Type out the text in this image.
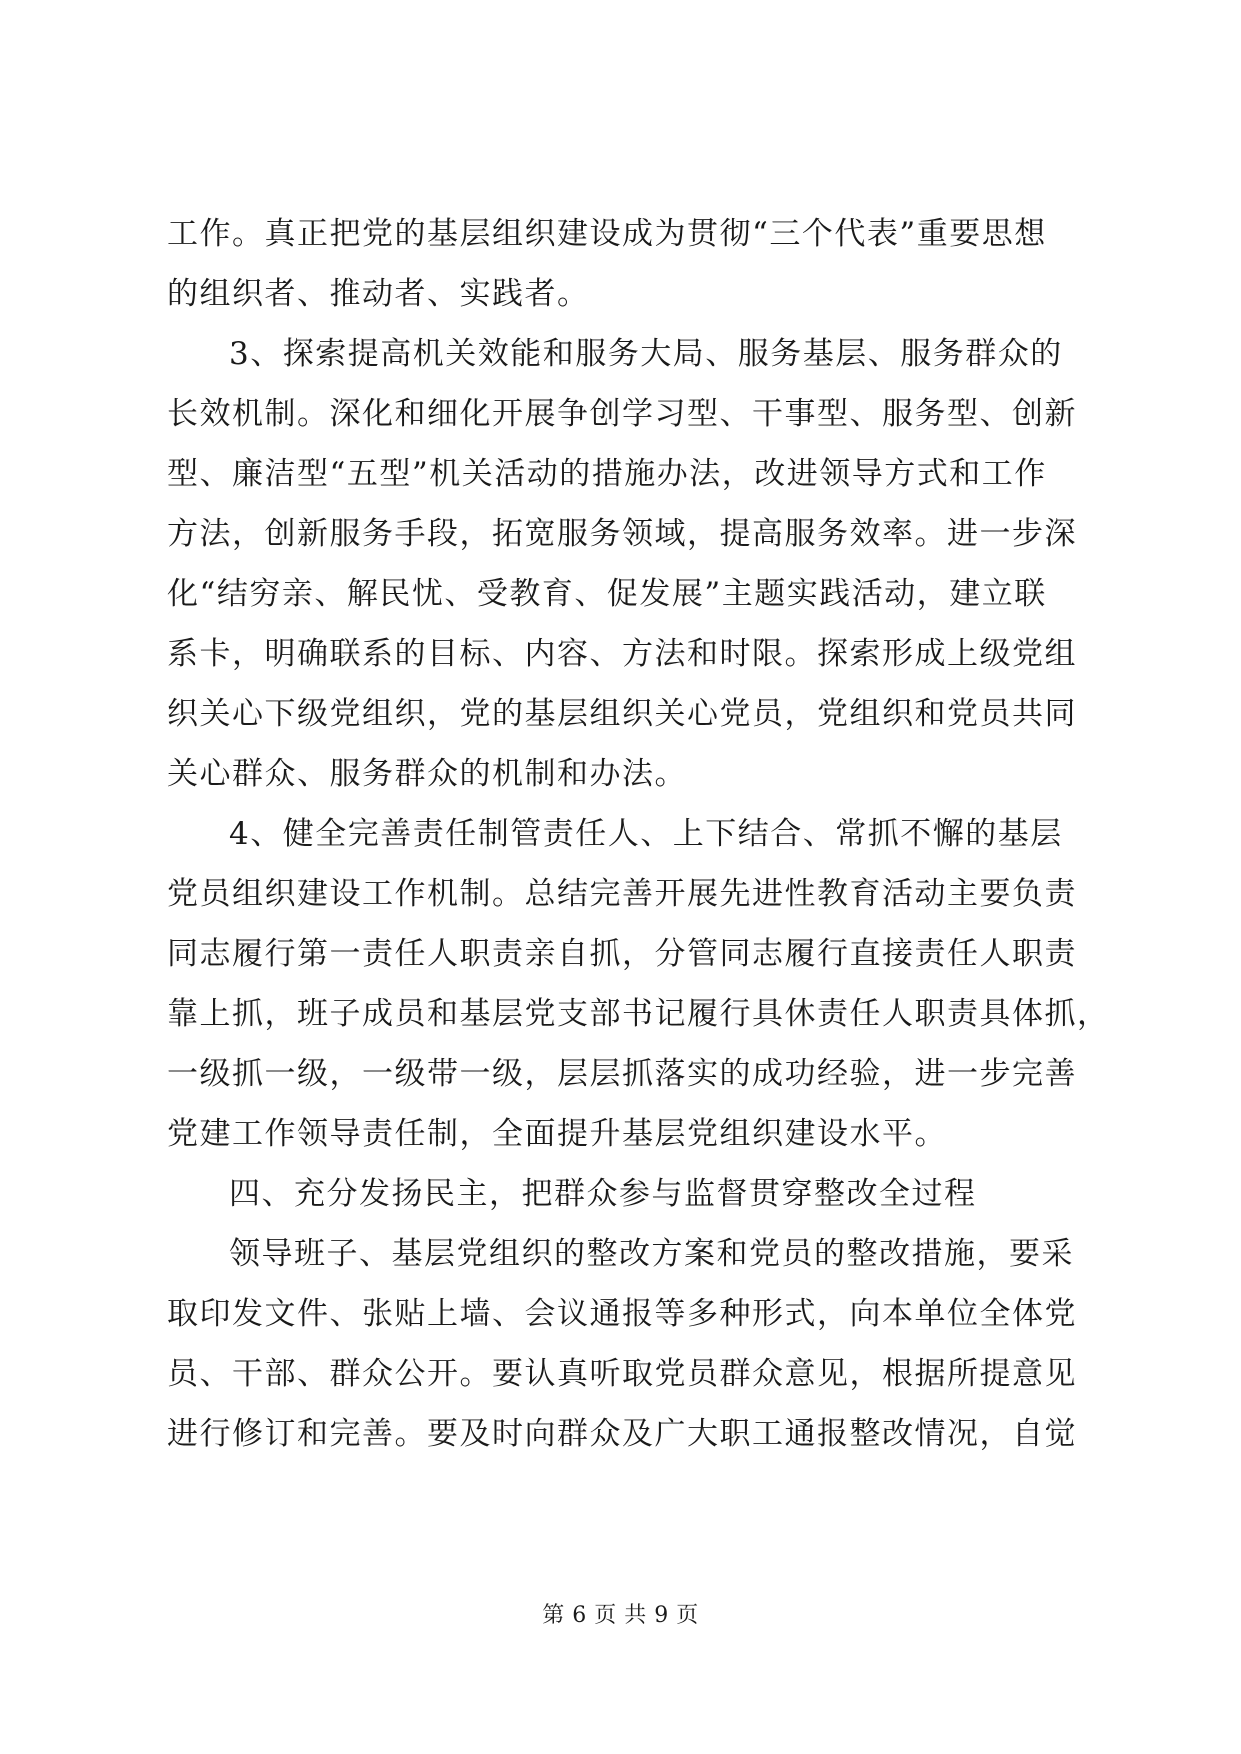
工作。真正把党的基层组织建设成为贯彻“三个代表”重要思想
的组织者、推动者、实践者。
3、探索提高机关效能和服务大局、服务基层、服务群众的
长效机制。深化和细化开展争创学习型、干事型、服务型、创新
型、廉洁型“五型”机关活动的措施办法，改进领导方式和工作
方法，创新服务手段，拓宽服务领域，提高服务效率。进一步深
化“结穷亲、解民忧、受教育、促发展”主题实践活动，建立联
系卡，明确联系的目标、内容、方法和时限。探索形成上级党组
织关心下级党组织，党的基层组织关心党员，党组织和党员共同
关心群众、服务群众的机制和办法。
4、健全完善责任制管责任人、上下结合、常抓不懈的基层
党员组织建设工作机制。总结完善开展先进性教育活动主要负责
同志履行第一责任人职责亲自抓，分管同志履行直接责任人职责
靠上抓，班子成员和基层党支部书记履行具休责任人职责具体抓，
一级抓一级，一级带一级，层层抓落实的成功经验，进一步完善
党建工作领导责任制，全面提升基层党组织建设水平。
四、充分发扬民主，把群众参与监督贯穿整改全过程
领导班子、基层党组织的整改方案和党员的整改措施，要采
取印发文件、张贴上墙、会议通报等多种形式，向本单位全体党
员、干部、群众公开。要认真听取党员群众意见，根据所提意见
进行修订和完善。要及时向群众及广大职工通报整改情况，自觉
第 6 页 共 9 页
